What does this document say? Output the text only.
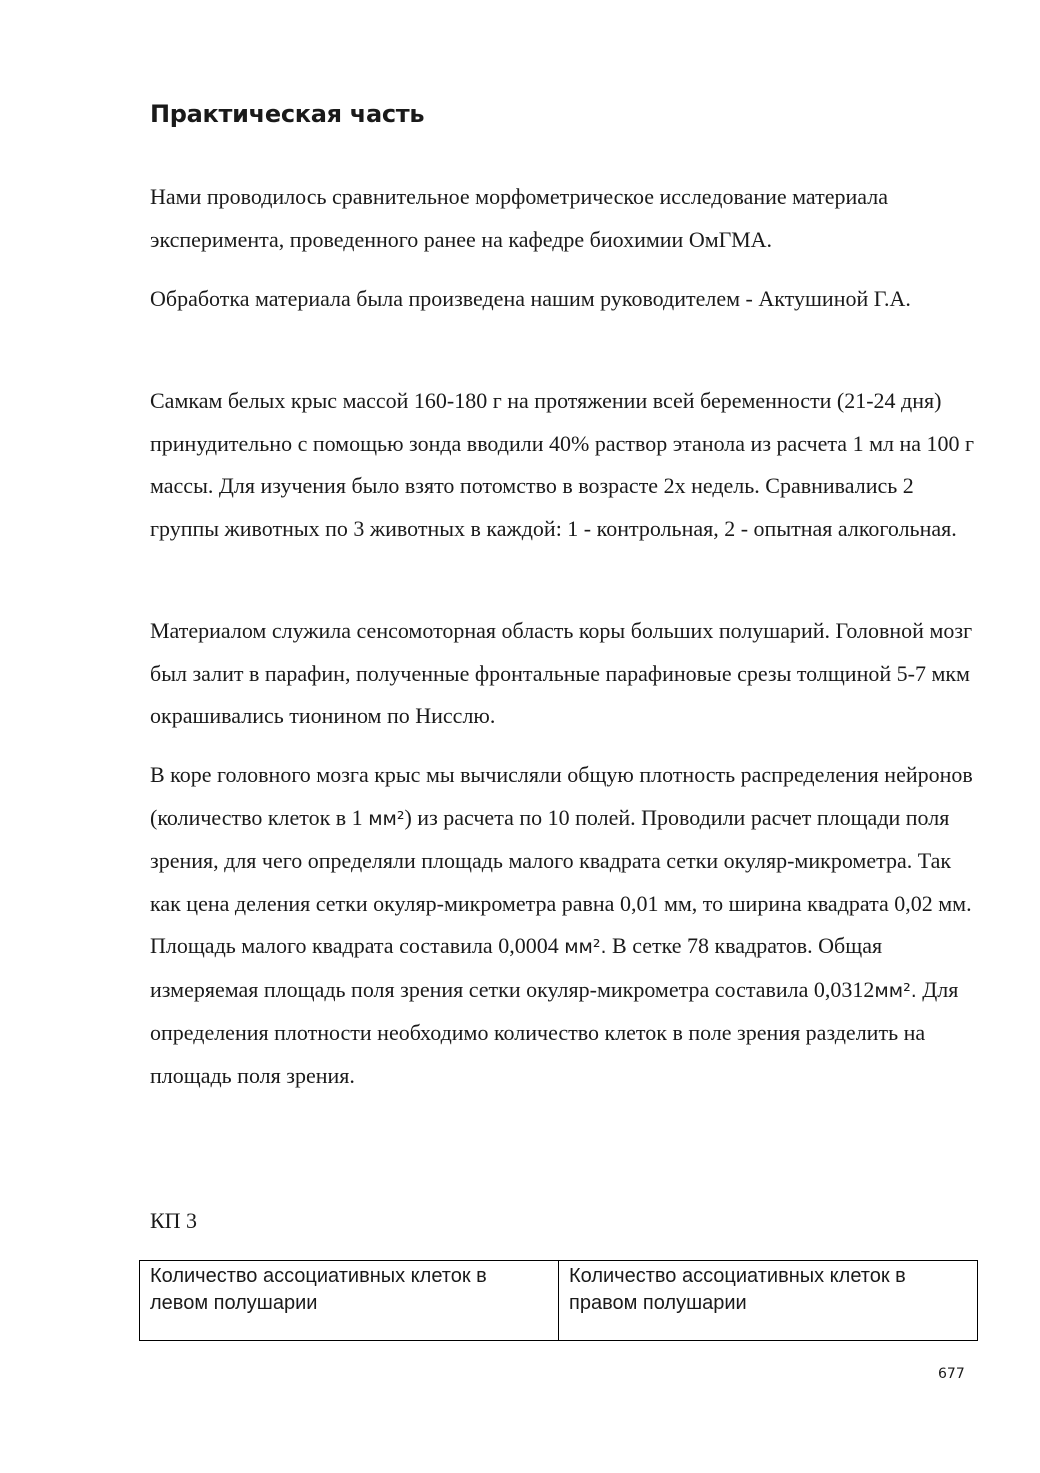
Практическая часть

Нами проводилось сравнительное морфометрическое исследование материала эксперимента, проведенного ранее на кафедре биохимии ОмГМА.

Обработка материала была произведена нашим руководителем - Актушиной Г.А.

Самкам белых крыс массой 160-180 г на протяжении всей беременности (21-24 дня) принудительно с помощью зонда вводили 40% раствор этанола из расчета 1 мл на 100 г массы. Для изучения было взято потомство в возрасте 2х недель. Сравнивались 2 группы животных по 3 животных в каждой: 1 - контрольная, 2 - опытная алкогольная.

Материалом служила сенсомоторная область коры больших полушарий. Головной мозг был залит в парафин, полученные фронтальные парафиновые срезы толщиной 5-7 мкм окрашивались тионином по Нисслю.

В коре головного мозга крыс мы вычисляли общую плотность распределения нейронов (количество клеток в 1 мм²) из расчета по 10 полей. Проводили расчет площади поля зрения, для чего определяли площадь малого квадрата сетки окуляр-микрометра. Так как цена деления сетки окуляр-микрометра равна 0,01 мм, то ширина квадрата 0,02 мм. Площадь малого квадрата составила 0,0004 мм². В сетке 78 квадратов. Общая измеряемая площадь поля зрения сетки окуляр-микрометра составила 0,0312мм². Для определения плотности необходимо количество клеток в поле зрения разделить на площадь поля зрения.

КП 3

Количество ассоциативных клеток в левом полушарии	Количество ассоциативных клеток в правом полушарии

677
